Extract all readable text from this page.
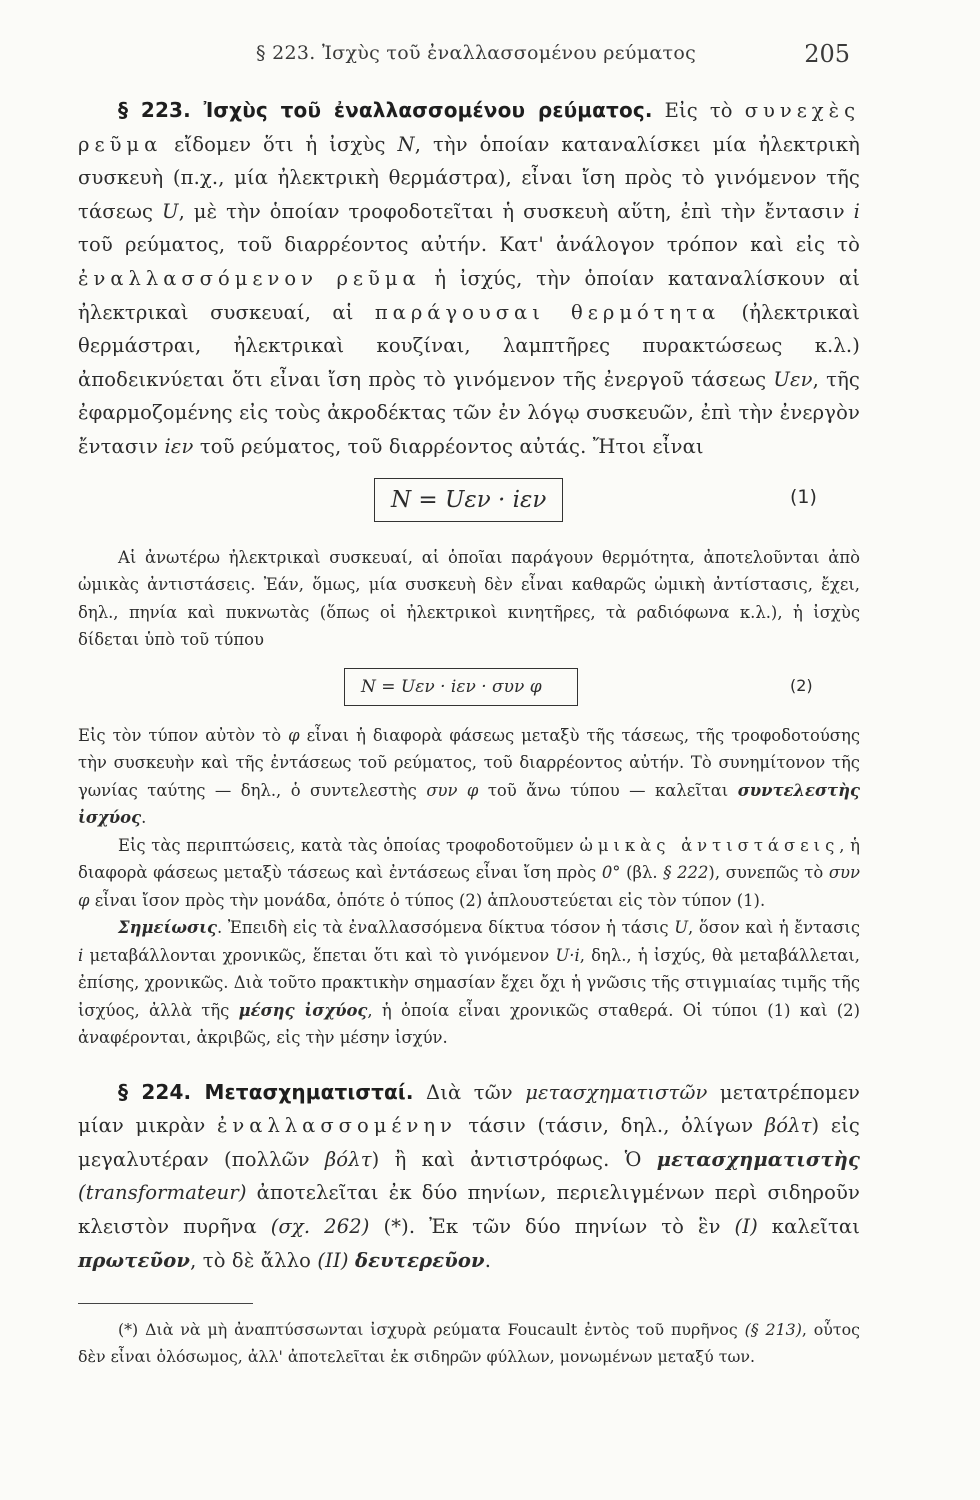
§ 223. Ἰσχὺς τοῦ ἐναλλασσομένου ρεύματος	205

§ 223. Ἰσχὺς τοῦ ἐναλλασσομένου ρεύματος. Εἰς τὸ συνεχὲς ρεῦμα εἴδομεν ὅτι ἡ ἰσχὺς N, τὴν ὁποίαν καταναλίσκει μία ἠλεκτρικὴ συσκευὴ (π.χ., μία ἠλεκτρικὴ θερμάστρα), εἶναι ἴση πρὸς τὸ γινόμενον τῆς τάσεως U, μὲ τὴν ὁποίαν τροφοδοτεῖται ἡ συσκευὴ αὕτη, ἐπὶ τὴν ἔντασιν i τοῦ ρεύματος, τοῦ διαρρέοντος αὐτήν. Κατ' ἀνάλογον τρόπον καὶ εἰς τὸ ἐναλλασσόμενον ρεῦμα ἡ ἰσχύς, τὴν ὁποίαν καταναλίσκουν αἱ ἠλεκτρικαὶ συσκευαί, αἱ παράγουσαι θερμότητα (ἠλεκτρικαὶ θερμάστραι, ἠλεκτρικαὶ κουζίναι, λαμπτῆρες πυρακτώσεως κ.λ.) ἀποδεικνύεται ὅτι εἶναι ἴση πρὸς τὸ γινόμενον τῆς ἐνεργοῦ τάσεως Uεν, τῆς ἐφαρμοζομένης εἰς τοὺς ἀκροδέκτας τῶν ἐν λόγῳ συσκευῶν, ἐπὶ τὴν ἐνεργὸν ἔντασιν iεν τοῦ ρεύματος, τοῦ διαρρέοντος αὐτάς. Ἤτοι εἶναι

N = Uεν · iεν	(1)

Αἱ ἀνωτέρω ἠλεκτρικαὶ συσκευαί, αἱ ὁποῖαι παράγουν θερμότητα, ἀποτελοῦνται ἀπὸ ὠμικὰς ἀντιστάσεις. Ἐάν, ὅμως, μία συσκευὴ δὲν εἶναι καθαρῶς ὠμικὴ ἀντίστασις, ἔχει, δηλ., πηνία καὶ πυκνωτὰς (ὅπως οἱ ἠλεκτρικοὶ κινητῆρες, τὰ ραδιόφωνα κ.λ.), ἡ ἰσχὺς δίδεται ὑπὸ τοῦ τύπου

N = Uεν · iεν · συν φ	(2)

Εἰς τὸν τύπον αὐτὸν τὸ φ εἶναι ἡ διαφορὰ φάσεως μεταξὺ τῆς τάσεως, τῆς τροφοδοτούσης τὴν συσκευὴν καὶ τῆς ἐντάσεως τοῦ ρεύματος, τοῦ διαρρέοντος αὐτήν. Τὸ συνημίτονον τῆς γωνίας ταύτης — δηλ., ὁ συντελεστὴς συν φ τοῦ ἄνω τύπου — καλεῖται συντελεστὴς ἰσχύος.

Εἰς τὰς περιπτώσεις, κατὰ τὰς ὁποίας τροφοδοτοῦμεν ὠμικὰς ἀντιστάσεις, ἡ διαφορὰ φάσεως μεταξὺ τάσεως καὶ ἐντάσεως εἶναι ἴση πρὸς 0° (βλ. § 222), συνεπῶς τὸ συν φ εἶναι ἴσον πρὸς τὴν μονάδα, ὁπότε ὁ τύπος (2) ἁπλουστεύεται εἰς τὸν τύπον (1).

Σημείωσις. Ἐπειδὴ εἰς τὰ ἐναλλασσόμενα δίκτυα τόσον ἡ τάσις U, ὅσον καὶ ἡ ἔντασις i μεταβάλλονται χρονικῶς, ἕπεται ὅτι καὶ τὸ γινόμενον U·i, δηλ., ἡ ἰσχύς, θὰ μεταβάλλεται, ἐπίσης, χρονικῶς. Διὰ τοῦτο πρακτικὴν σημασίαν ἔχει ὄχι ἡ γνῶσις τῆς στιγμιαίας τιμῆς τῆς ἰσχύος, ἀλλὰ τῆς μέσης ἰσχύος, ἡ ὁποία εἶναι χρονικῶς σταθερά. Οἱ τύποι (1) καὶ (2) ἀναφέρονται, ἀκριβῶς, εἰς τὴν μέσην ἰσχύν.

§ 224. Μετασχηματισταί. Διὰ τῶν μετασχηματιστῶν μετατρέπομεν μίαν μικρὰν ἐναλλασσομένην τάσιν (τάσιν, δηλ., ὀλίγων βόλτ) εἰς μεγαλυτέραν (πολλῶν βόλτ) ἢ καὶ ἀντιστρόφως. Ὁ μετασχηματιστὴς (transformateur) ἀποτελεῖται ἐκ δύο πηνίων, περιελιγμένων περὶ σιδηροῦν κλειστὸν πυρῆνα (σχ. 262) (*). Ἐκ τῶν δύο πηνίων τὸ ἓν (I) καλεῖται πρωτεῦον, τὸ δὲ ἄλλο (II) δευτερεῦον.

(*) Διὰ νὰ μὴ ἀναπτύσσωνται ἰσχυρὰ ρεύματα Foucault ἐντὸς τοῦ πυρῆνος (§ 213), οὗτος δὲν εἶναι ὁλόσωμος, ἀλλ' ἀποτελεῖται ἐκ σιδηρῶν φύλλων, μονωμένων μεταξύ των.
